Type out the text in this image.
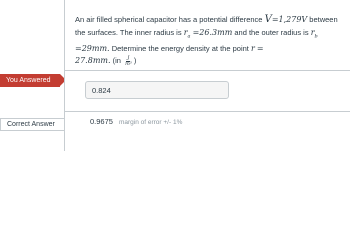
You Answered
Correct Answer
An air filled spherical capacitor has a potential difference V=1,279V between the surfaces. The inner radius is $r_a =26.3mm$ and the outer radius is $r_b =29mm$. Determine the energy density at the point r =
27.8mm. ($in \frac{J}{\text{m³}}$ )
0.824
0.9675 margin of error +/- 1%
